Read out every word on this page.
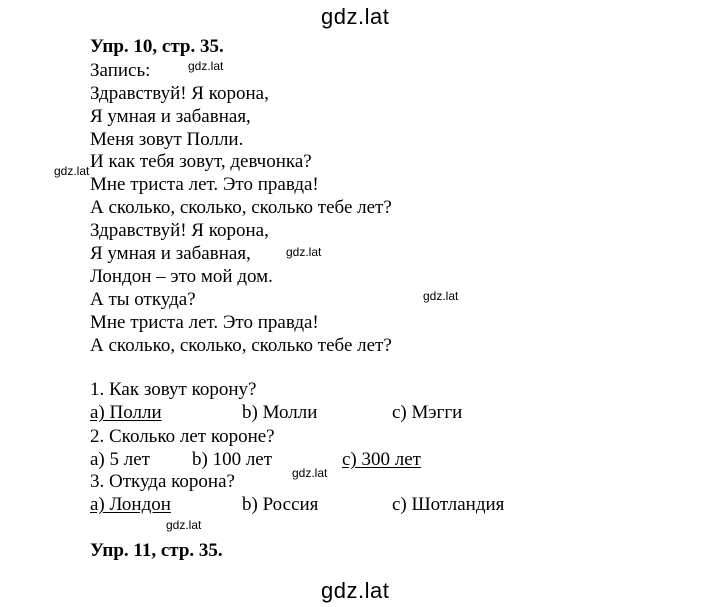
gdz.lat
Упр. 10, стр. 35.
Запись:
Здравствуй! Я корона,
Я умная и забавная,
Меня зовут Полли.
И как тебя зовут, девчонка?
Мне триста лет. Это правда!
А сколько, сколько, сколько тебе лет?
Здравствуй! Я корона,
Я умная и забавная,
Лондон – это мой дом.
А ты откуда?
Мне триста лет. Это правда!
А сколько, сколько, сколько тебе лет?
1. Как зовут корону?
а) Полли	b) Молли	c) Мэгги
2. Сколько лет короне?
а) 5 лет b) 100 лет	c) 300 лет
3. Откуда корона?
а) Лондон	b) Россия	c) Шотландия
Упр. 11, стр. 35.
gdz.lat
gdz.lat
gdz.lat
gdz.lat
gdz.lat
gdz.lat
gdz.lat
